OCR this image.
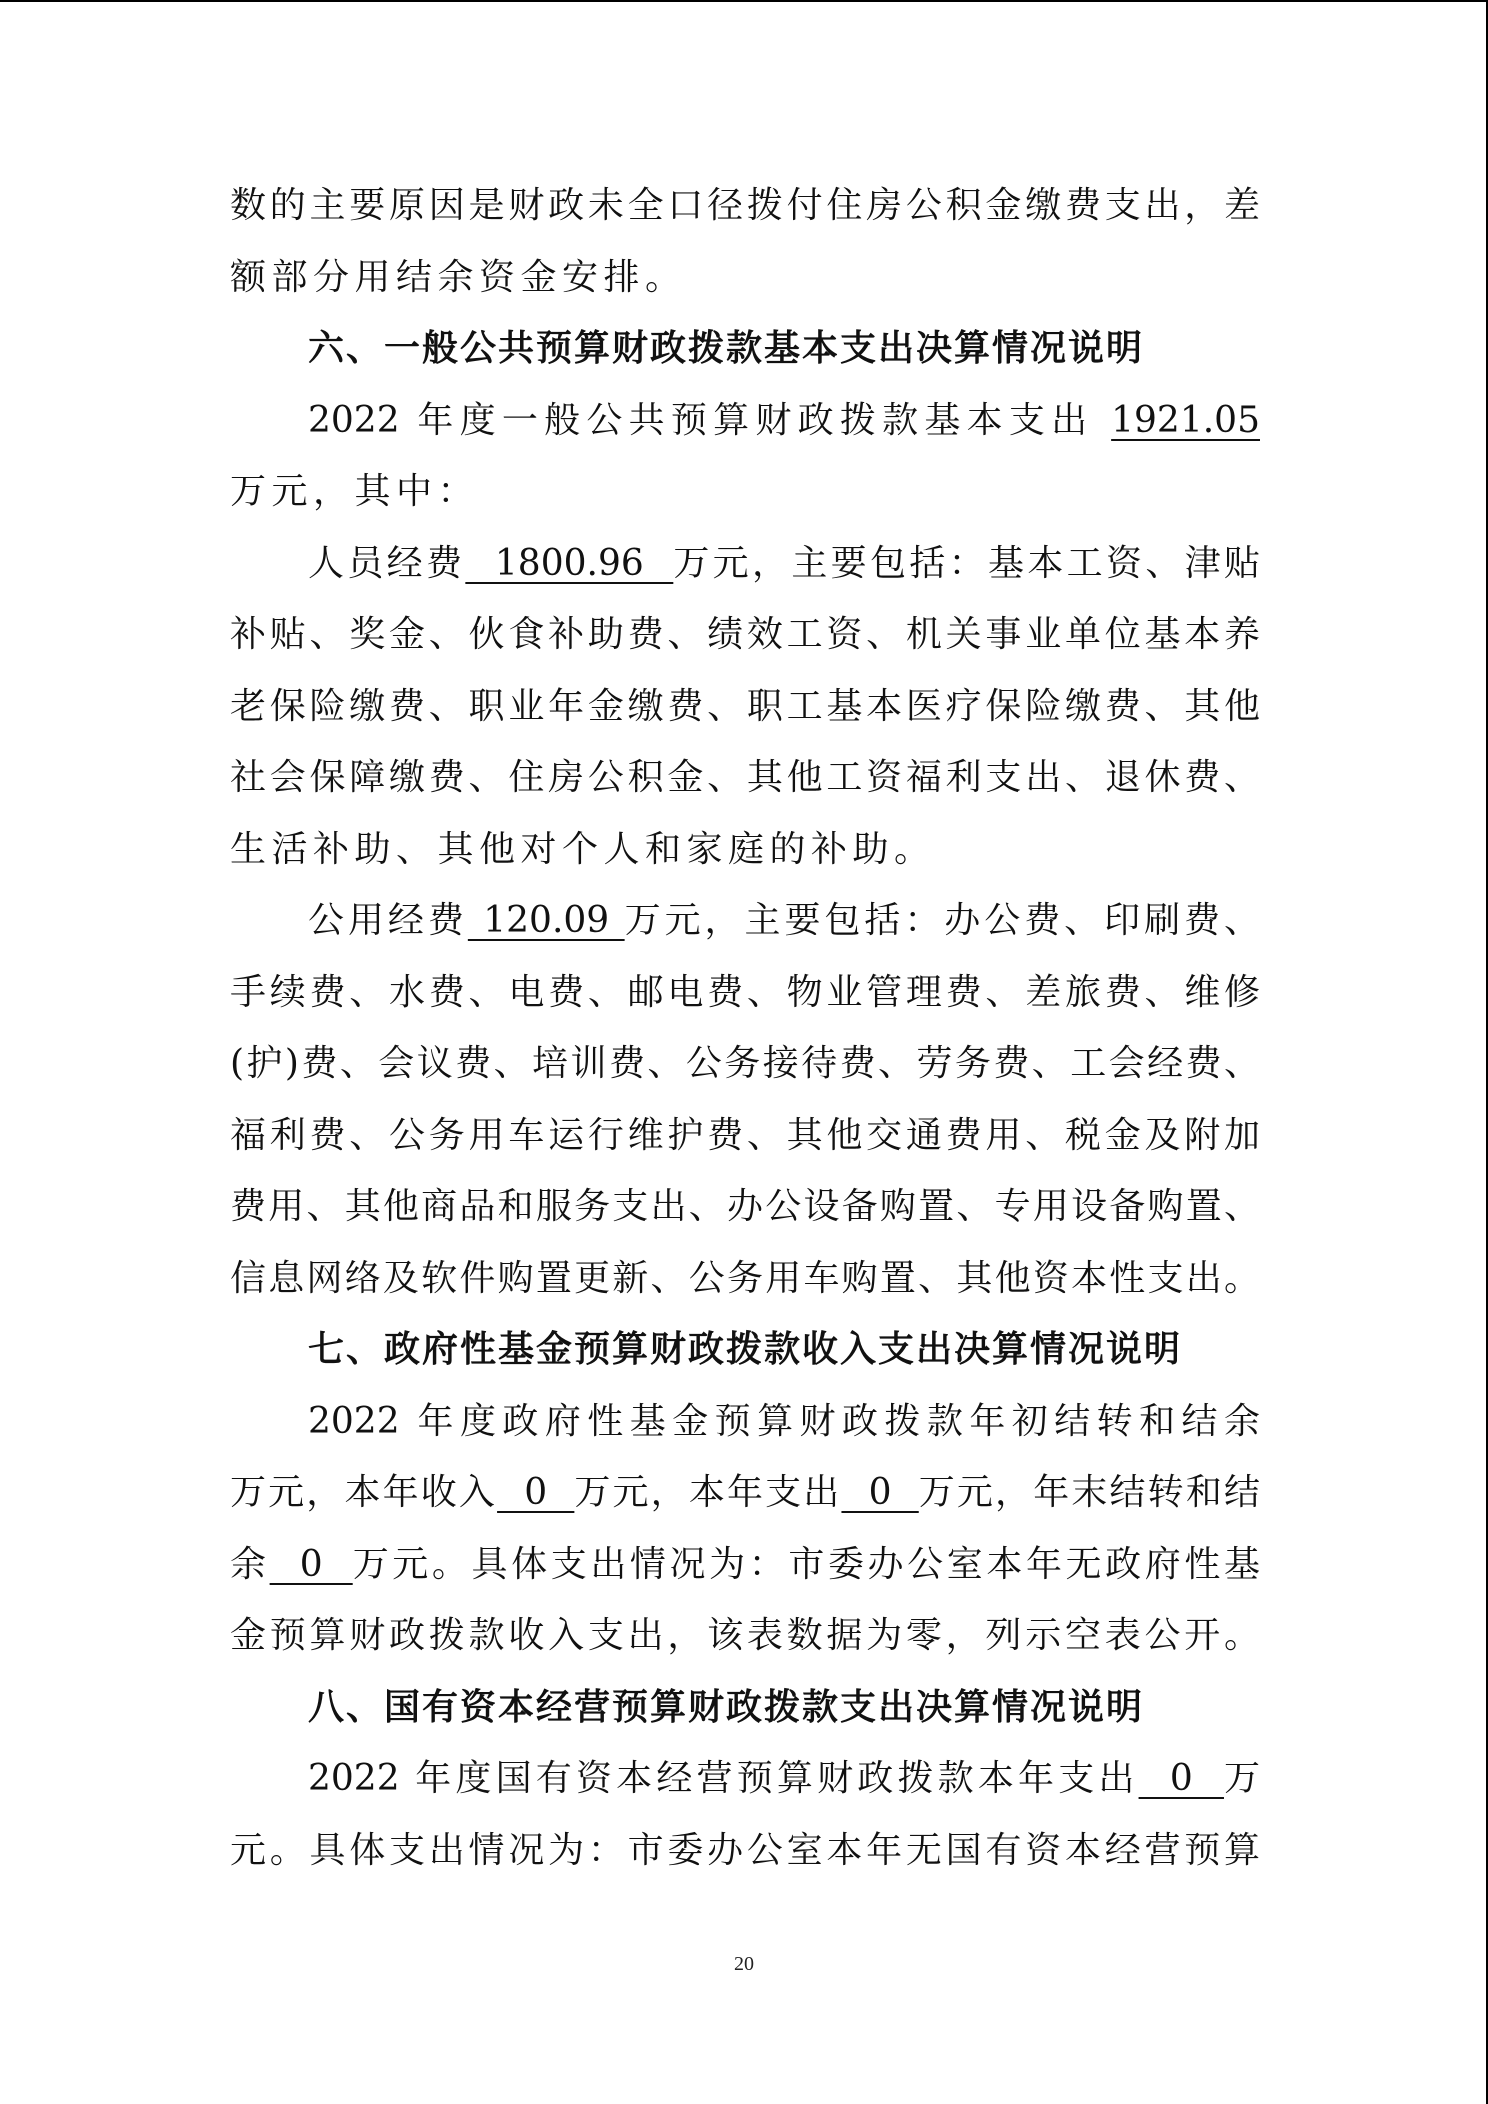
数的主要原因是财政未全口径拨付住房公积金缴费支出，差
额部分用结余资金安排。
六、一般公共预算财政拨款基本支出决算情况说明
2022 年度一般公共预算财政拨款基本支出 1921.05
万元，其中：
人员经费  1800.96  万元，主要包括：基本工资、津贴
补贴、奖金、伙食补助费、绩效工资、机关事业单位基本养
老保险缴费、职业年金缴费、职工基本医疗保险缴费、其他
社会保障缴费、住房公积金、其他工资福利支出、退休费、
生活补助、其他对个人和家庭的补助。
公用经费 120.09 万元，主要包括：办公费、印刷费、
手续费、水费、电费、邮电费、物业管理费、差旅费、维修
(护)费、会议费、培训费、公务接待费、劳务费、工会经费、
福利费、公务用车运行维护费、其他交通费用、税金及附加
费用、其他商品和服务支出、办公设备购置、专用设备购置、
信息网络及软件购置更新、公务用车购置、其他资本性支出。
七、政府性基金预算财政拨款收入支出决算情况说明
2022 年度政府性基金预算财政拨款年初结转和结余
万元，本年收入  0  万元，本年支出  0  万元，年末结转和结
余  0  万元。具体支出情况为：市委办公室本年无政府性基
金预算财政拨款收入支出，该表数据为零，列示空表公开。
八、国有资本经营预算财政拨款支出决算情况说明
2022 年度国有资本经营预算财政拨款本年支出  0  万
元。具体支出情况为：市委办公室本年无国有资本经营预算
20
